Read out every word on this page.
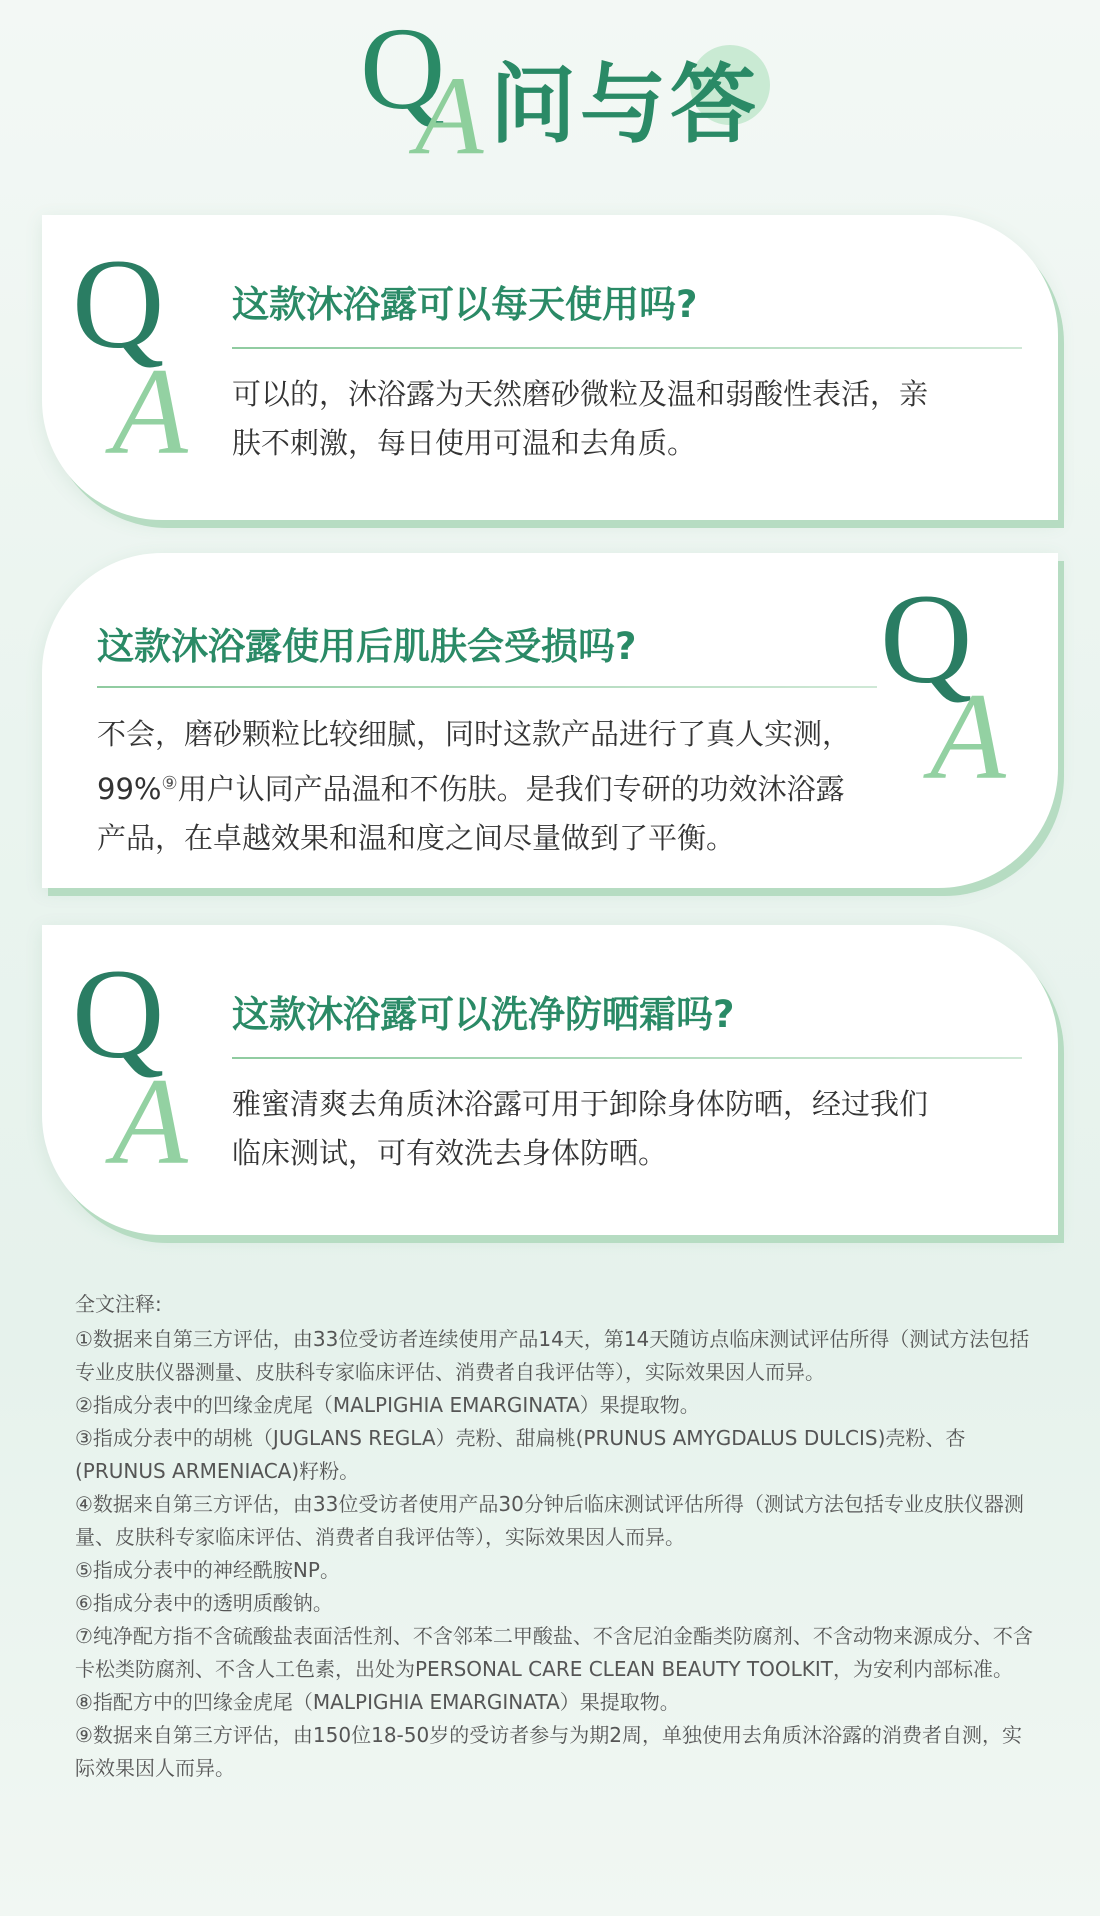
Q
A 问与答
Q
A
这款沐浴露可以每天使用吗?
可以的，沐浴露为天然磨砂微粒及温和弱酸性表活，亲
肤不刺激，每日使用可温和去角质。
Q
A
这款沐浴露使用后肌肤会受损吗?
不会，磨砂颗粒比较细腻，同时这款产品进行了真人实测，
99%⑨用户认同产品温和不伤肤。是我们专研的功效沐浴露
产品，在卓越效果和温和度之间尽量做到了平衡。
Q
A
这款沐浴露可以洗净防晒霜吗?
雅蜜清爽去角质沐浴露可用于卸除身体防晒，经过我们
临床测试，可有效洗去身体防晒。
全文注释:
①数据来自第三方评估，由33位受访者连续使用产品14天，第14天随访点临床测试评估所得（测试方法包括专业皮肤仪器测量、皮肤科专家临床评估、消费者自我评估等），实际效果因人而异。
②指成分表中的凹缘金虎尾（MALPIGHIA EMARGINATA）果提取物。
③指成分表中的胡桃（JUGLANS REGLA）壳粉、甜扁桃(PRUNUS AMYGDALUS DULCIS)壳粉、杏(PRUNUS ARMENIACA)籽粉。
④数据来自第三方评估，由33位受访者使用产品30分钟后临床测试评估所得（测试方法包括专业皮肤仪器测量、皮肤科专家临床评估、消费者自我评估等），实际效果因人而异。
⑤指成分表中的神经酰胺NP。
⑥指成分表中的透明质酸钠。
⑦纯净配方指不含硫酸盐表面活性剂、不含邻苯二甲酸盐、不含尼泊金酯类防腐剂、不含动物来源成分、不含卡松类防腐剂、不含人工色素，出处为PERSONAL CARE CLEAN BEAUTY TOOLKIT，为安利内部标准。
⑧指配方中的凹缘金虎尾（MALPIGHIA EMARGINATA）果提取物。
⑨数据来自第三方评估，由150位18-50岁的受访者参与为期2周，单独使用去角质沐浴露的消费者自测，实际效果因人而异。
